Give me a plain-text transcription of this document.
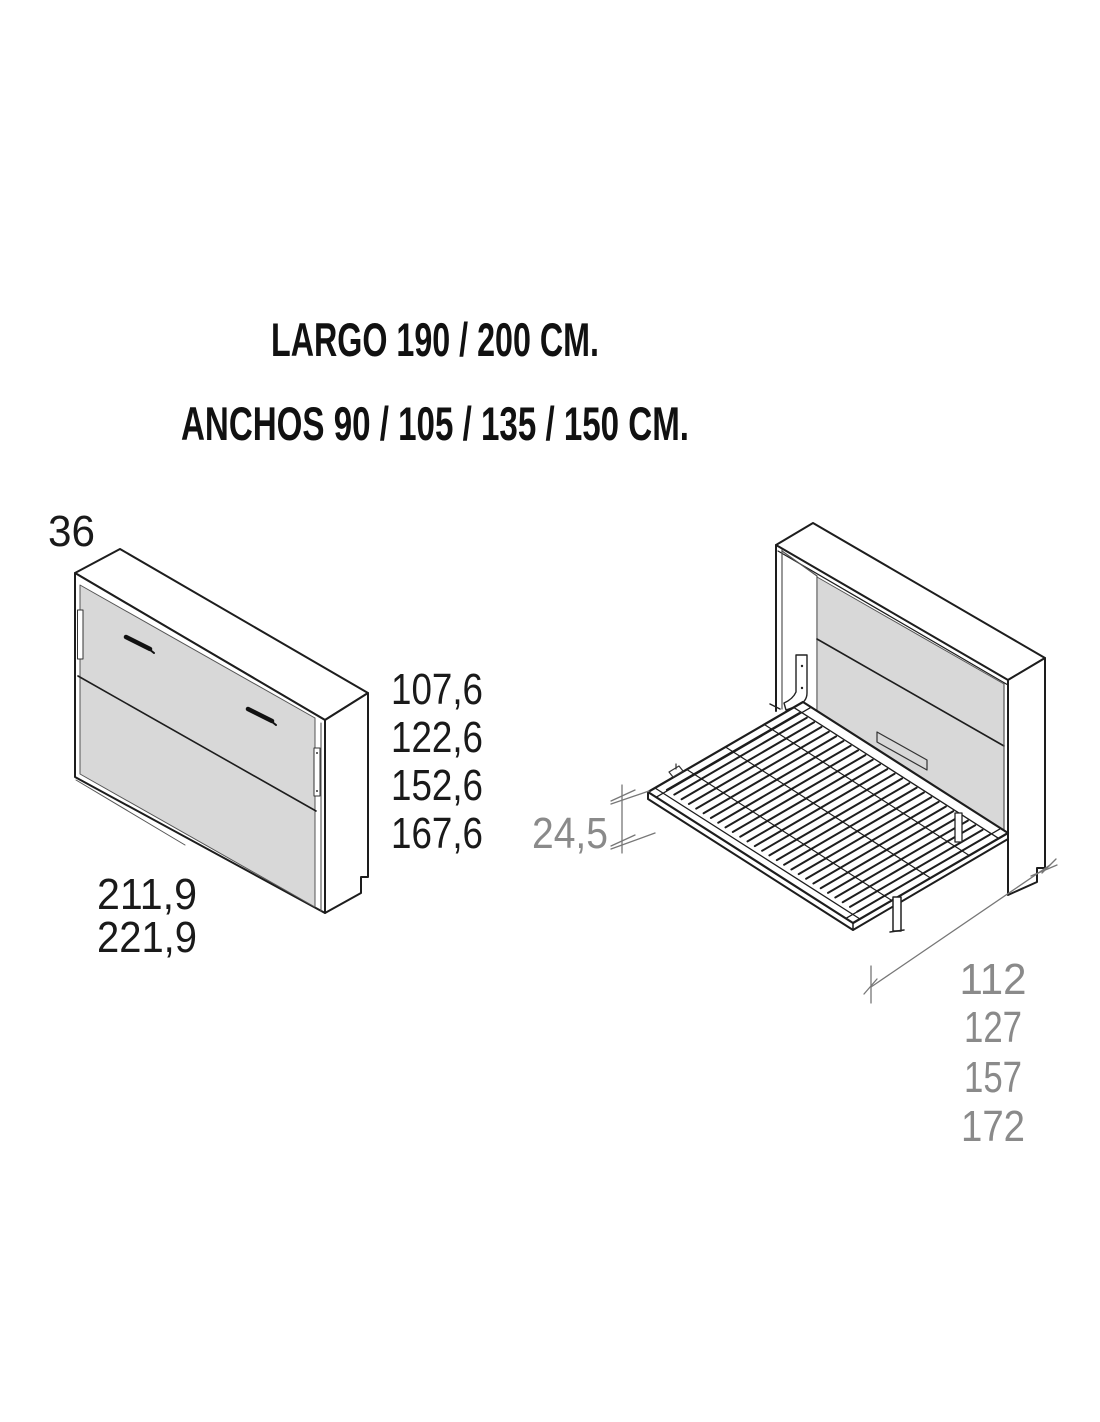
LARGO 190 / 200 CM.
ANCHOS 90 / 105 / 135 / 150 CM.
36
107,6
122,6
152,6
167,6
211,9
221,9
24,5
112
127
157
172
